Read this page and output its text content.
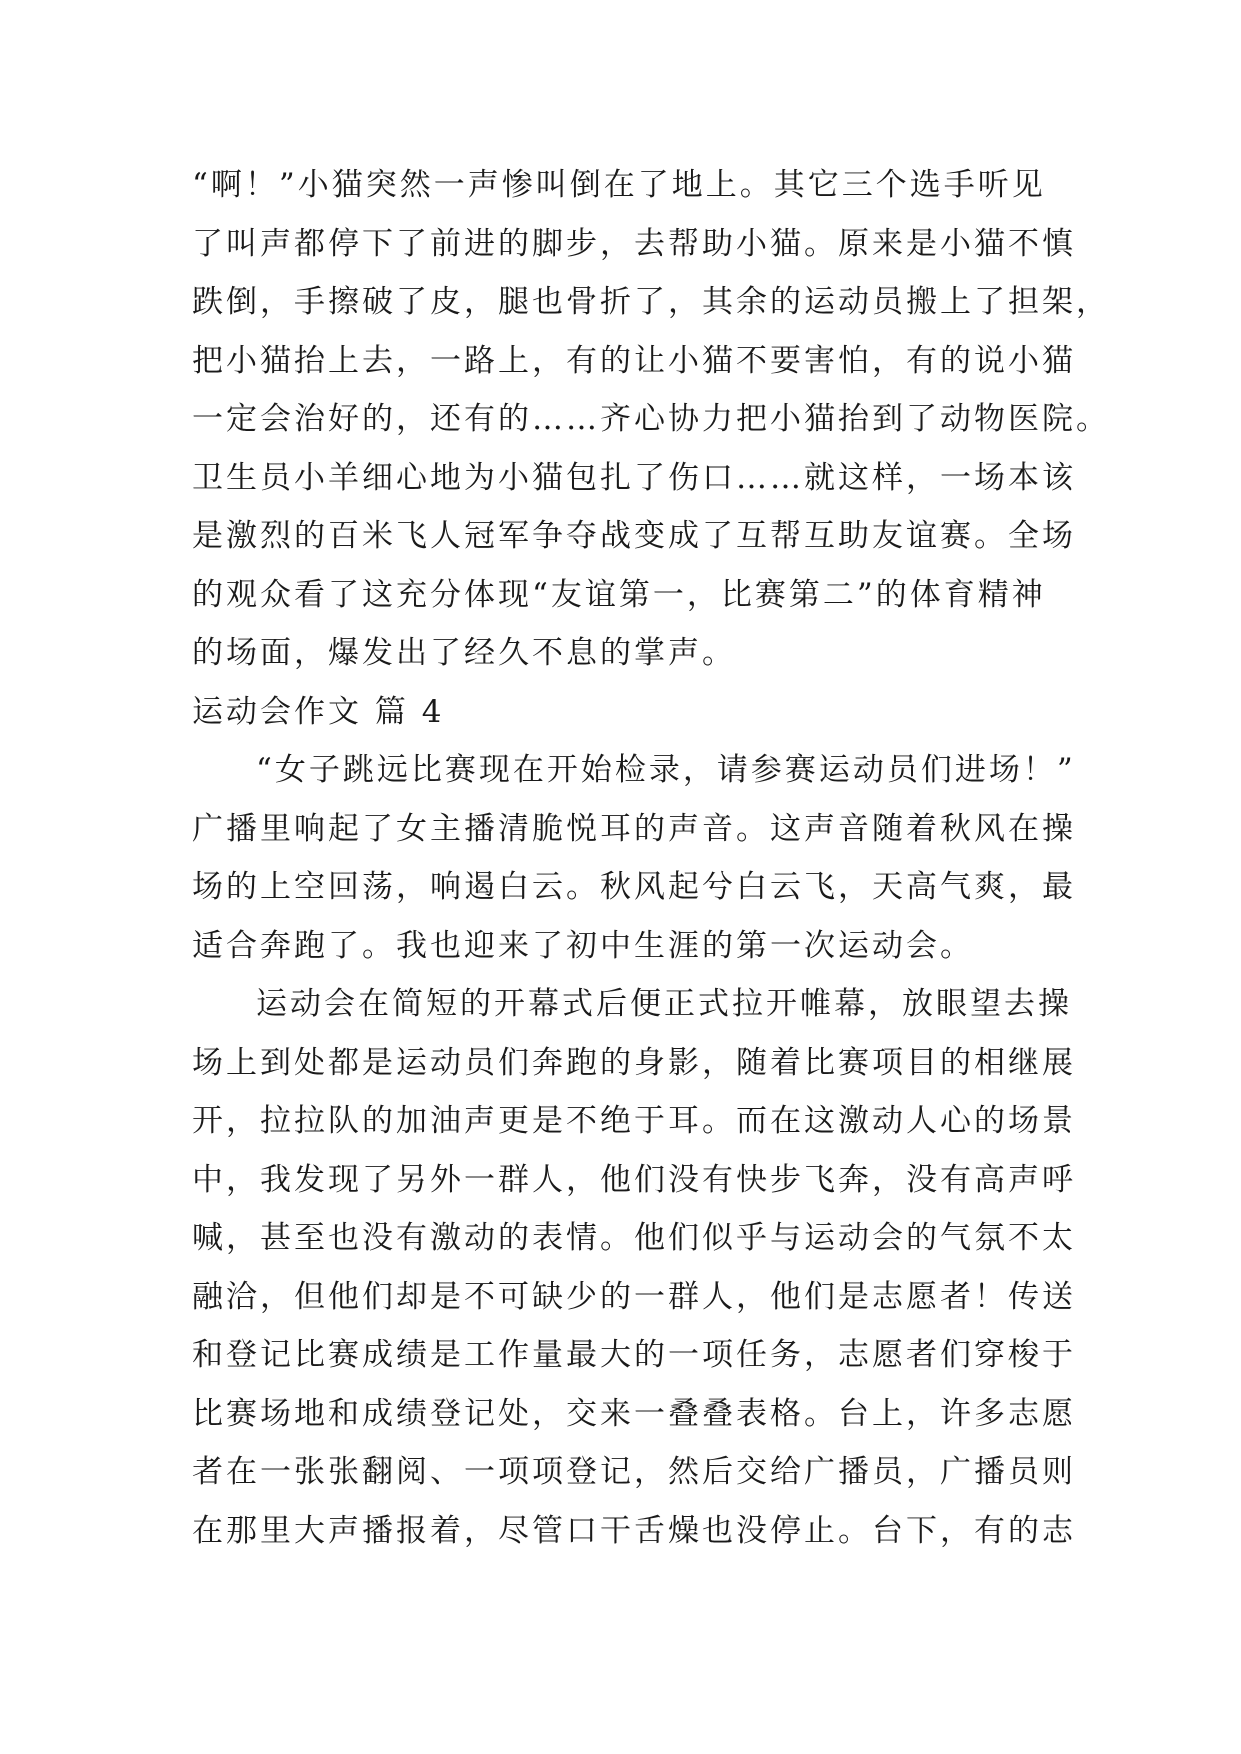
“啊！”小猫突然一声惨叫倒在了地上。其它三个选手听见
了叫声都停下了前进的脚步，去帮助小猫。原来是小猫不慎
跌倒，手擦破了皮，腿也骨折了，其余的运动员搬上了担架，
把小猫抬上去，一路上，有的让小猫不要害怕，有的说小猫
一定会治好的，还有的……齐心协力把小猫抬到了动物医院。
卫生员小羊细心地为小猫包扎了伤口……就这样，一场本该
是激烈的百米飞人冠军争夺战变成了互帮互助友谊赛。全场
的观众看了这充分体现“友谊第一，比赛第二”的体育精神
的场面，爆发出了经久不息的掌声。
运动会作文 篇 4
“女子跳远比赛现在开始检录，请参赛运动员们进场！”
广播里响起了女主播清脆悦耳的声音。这声音随着秋风在操
场的上空回荡，响遏白云。秋风起兮白云飞，天高气爽，最
适合奔跑了。我也迎来了初中生涯的第一次运动会。
运动会在简短的开幕式后便正式拉开帷幕，放眼望去操
场上到处都是运动员们奔跑的身影，随着比赛项目的相继展
开，拉拉队的加油声更是不绝于耳。而在这激动人心的场景
中，我发现了另外一群人，他们没有快步飞奔，没有高声呼
喊，甚至也没有激动的表情。他们似乎与运动会的气氛不太
融洽，但他们却是不可缺少的一群人，他们是志愿者！传送
和登记比赛成绩是工作量最大的一项任务，志愿者们穿梭于
比赛场地和成绩登记处，交来一叠叠表格。台上，许多志愿
者在一张张翻阅、一项项登记，然后交给广播员，广播员则
在那里大声播报着，尽管口干舌燥也没停止。台下，有的志
